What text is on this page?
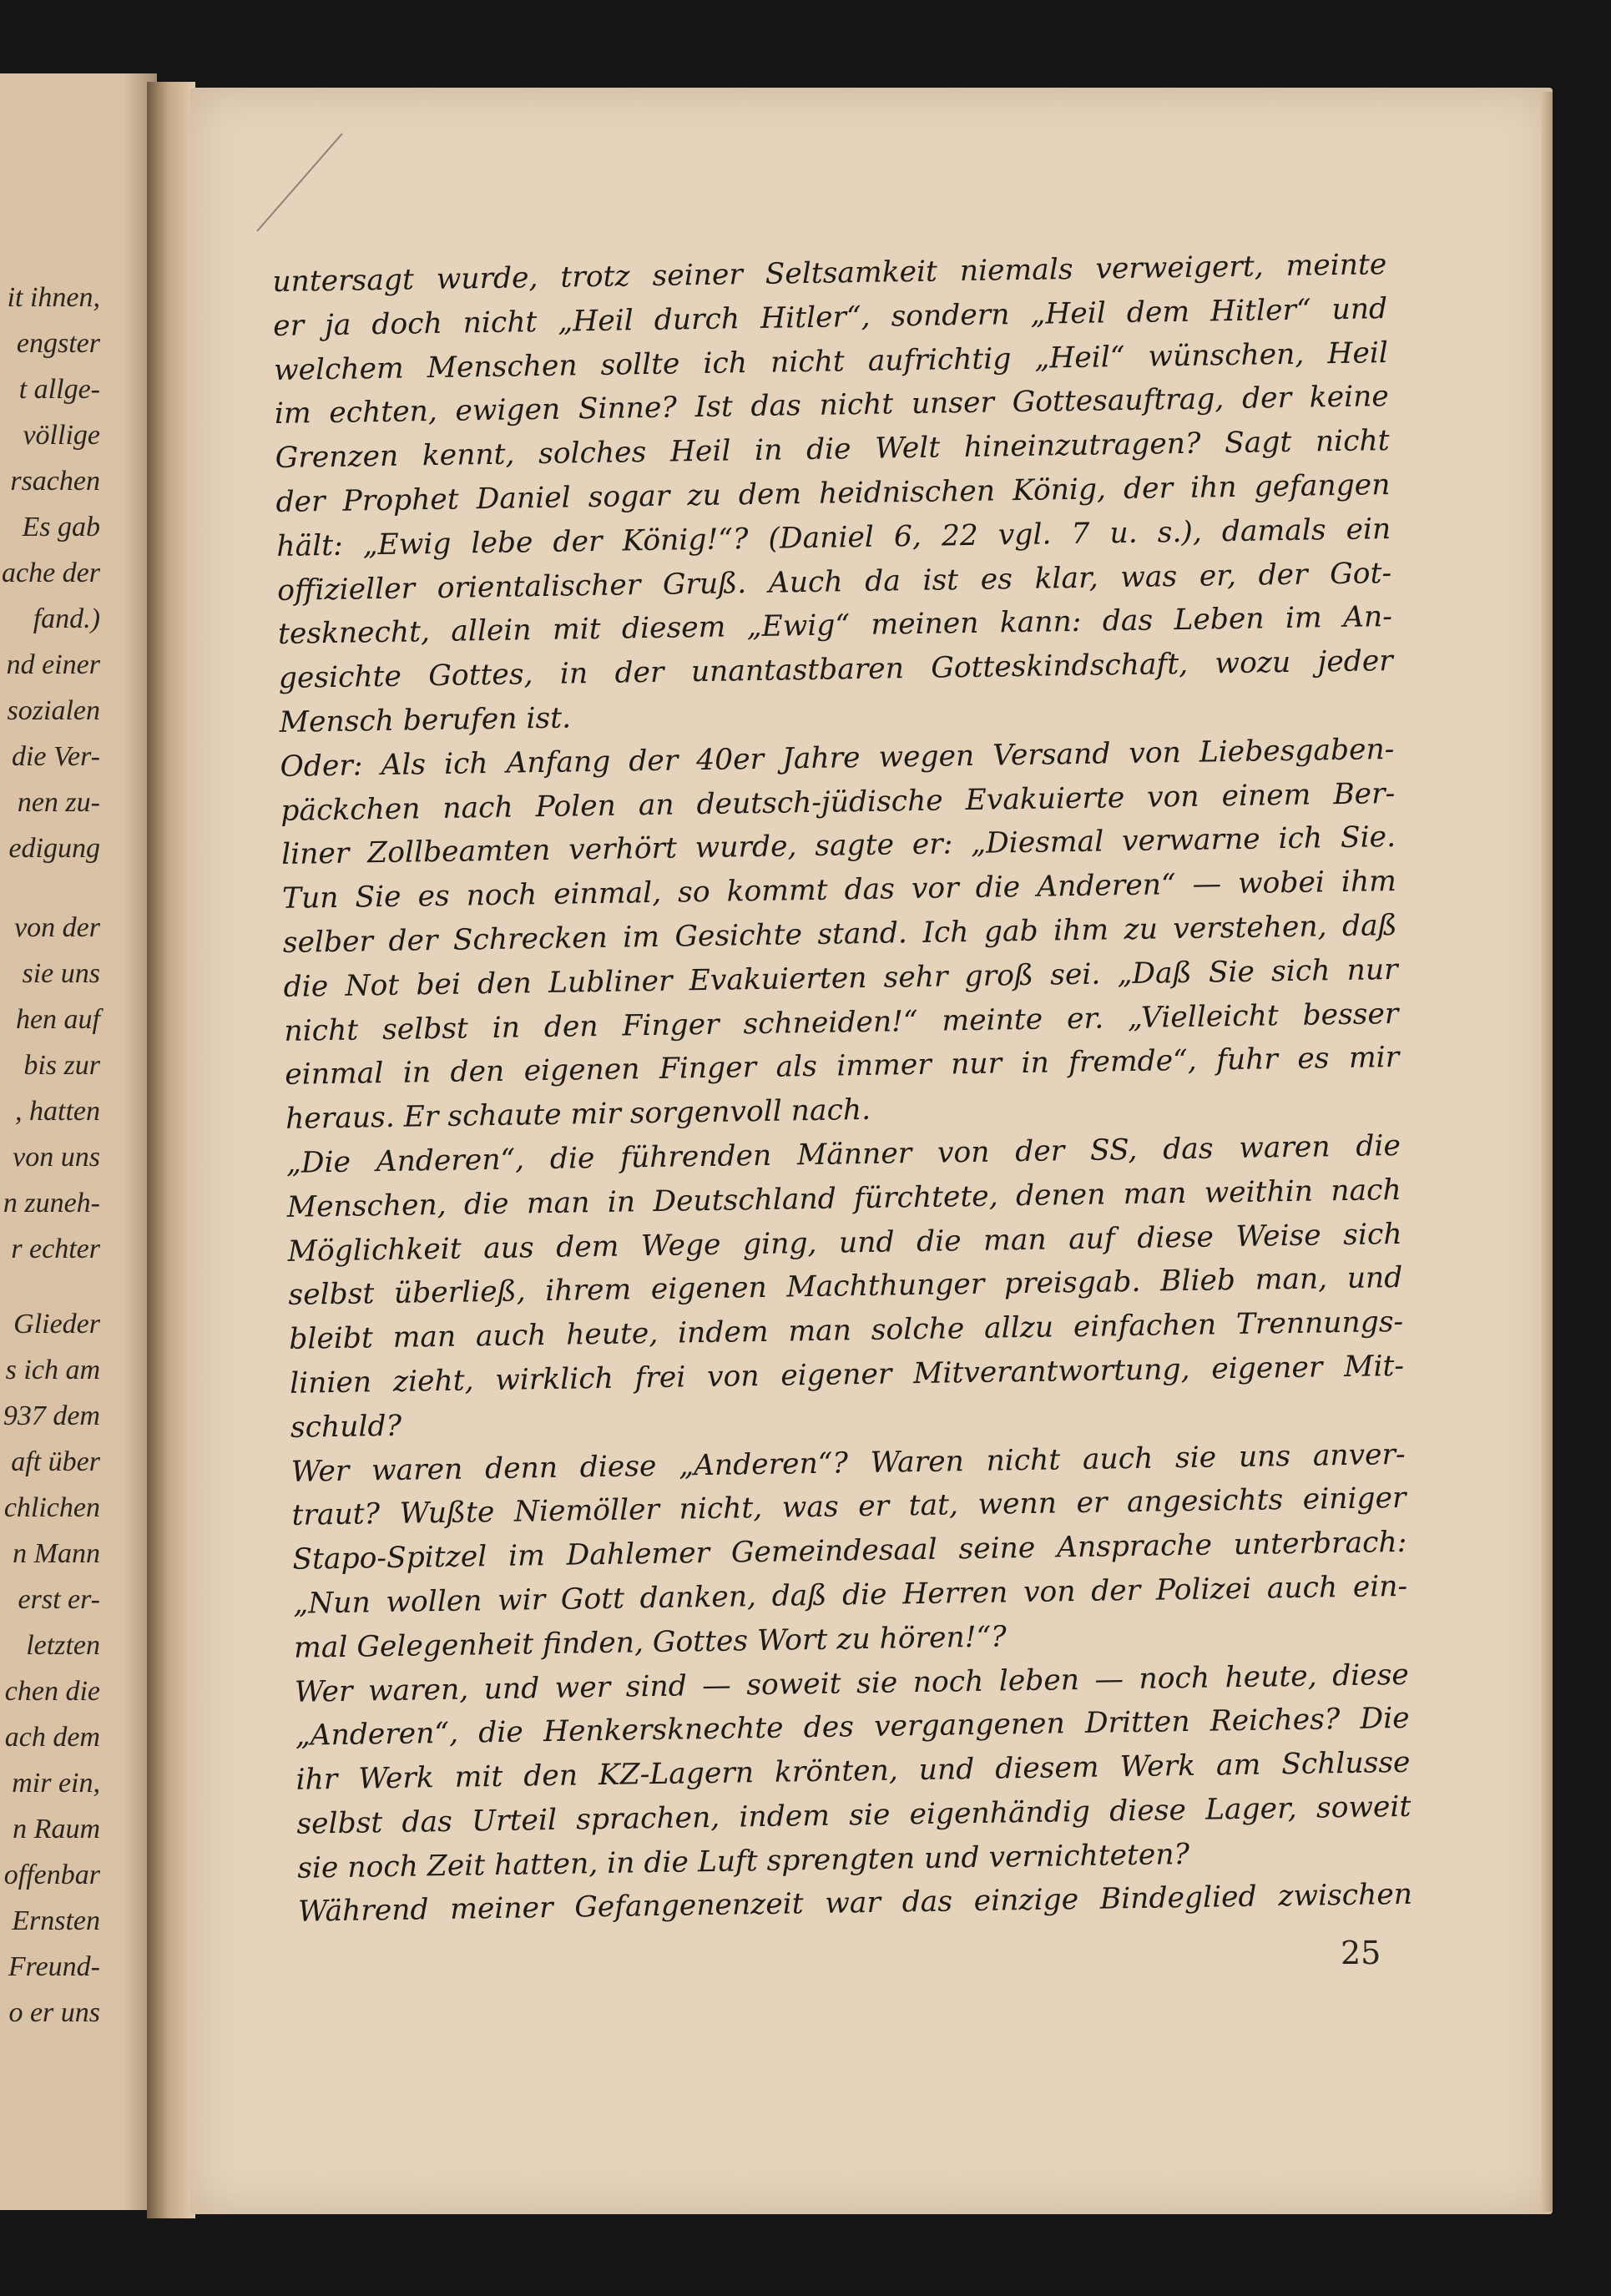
it ihnen,
engster
t allge-
völlige
rsachen
Es gab
ache der
fand.)
nd einer
sozialen
die Ver-
nen zu-
edigung
von der
sie uns
hen auf
bis zur
, hatten
von uns
n zuneh-
r echter
Glieder
s ich am
937 dem
aft über
chlichen
n Mann
erst er-
letzten
chen die
ach dem
mir ein,
n Raum
offenbar
Ernsten
Freund-
o er uns
untersagt wurde, trotz seiner Seltsamkeit niemals verweigert, meinte
er ja doch nicht „Heil durch Hitler“, sondern „Heil dem Hitler“ und
welchem Menschen sollte ich nicht aufrichtig „Heil“ wünschen, Heil
im echten, ewigen Sinne? Ist das nicht unser Gottesauftrag, der keine
Grenzen kennt, solches Heil in die Welt hineinzutragen? Sagt nicht
der Prophet Daniel sogar zu dem heidnischen König, der ihn gefangen
hält: „Ewig lebe der König!“? (Daniel 6, 22 vgl. 7 u. s.), damals ein
offizieller orientalischer Gruß. Auch da ist es klar, was er, der Got-
tesknecht, allein mit diesem „Ewig“ meinen kann: das Leben im An-
gesichte Gottes, in der unantastbaren Gotteskindschaft, wozu jeder
Mensch berufen ist.
Oder: Als ich Anfang der 40er Jahre wegen Versand von Liebesgaben-
päckchen nach Polen an deutsch-jüdische Evakuierte von einem Ber-
liner Zollbeamten verhört wurde, sagte er: „Diesmal verwarne ich Sie.
Tun Sie es noch einmal, so kommt das vor die Anderen“ — wobei ihm
selber der Schrecken im Gesichte stand. Ich gab ihm zu verstehen, daß
die Not bei den Lubliner Evakuierten sehr groß sei. „Daß Sie sich nur
nicht selbst in den Finger schneiden!“ meinte er. „Vielleicht besser
einmal in den eigenen Finger als immer nur in fremde“, fuhr es mir
heraus. Er schaute mir sorgenvoll nach.
„Die Anderen“, die führenden Männer von der SS, das waren die
Menschen, die man in Deutschland fürchtete, denen man weithin nach
Möglichkeit aus dem Wege ging, und die man auf diese Weise sich
selbst überließ, ihrem eigenen Machthunger preisgab. Blieb man, und
bleibt man auch heute, indem man solche allzu einfachen Trennungs-
linien zieht, wirklich frei von eigener Mitverantwortung, eigener Mit-
schuld?
Wer waren denn diese „Anderen“? Waren nicht auch sie uns anver-
traut? Wußte Niemöller nicht, was er tat, wenn er angesichts einiger
Stapo-Spitzel im Dahlemer Gemeindesaal seine Ansprache unterbrach:
„Nun wollen wir Gott danken, daß die Herren von der Polizei auch ein-
mal Gelegenheit finden, Gottes Wort zu hören!“?
Wer waren, und wer sind — soweit sie noch leben — noch heute, diese
„Anderen“, die Henkersknechte des vergangenen Dritten Reiches? Die
ihr Werk mit den KZ-Lagern krönten, und diesem Werk am Schlusse
selbst das Urteil sprachen, indem sie eigenhändig diese Lager, soweit
sie noch Zeit hatten, in die Luft sprengten und vernichteten?
Während meiner Gefangenenzeit war das einzige Bindeglied zwischen
25
